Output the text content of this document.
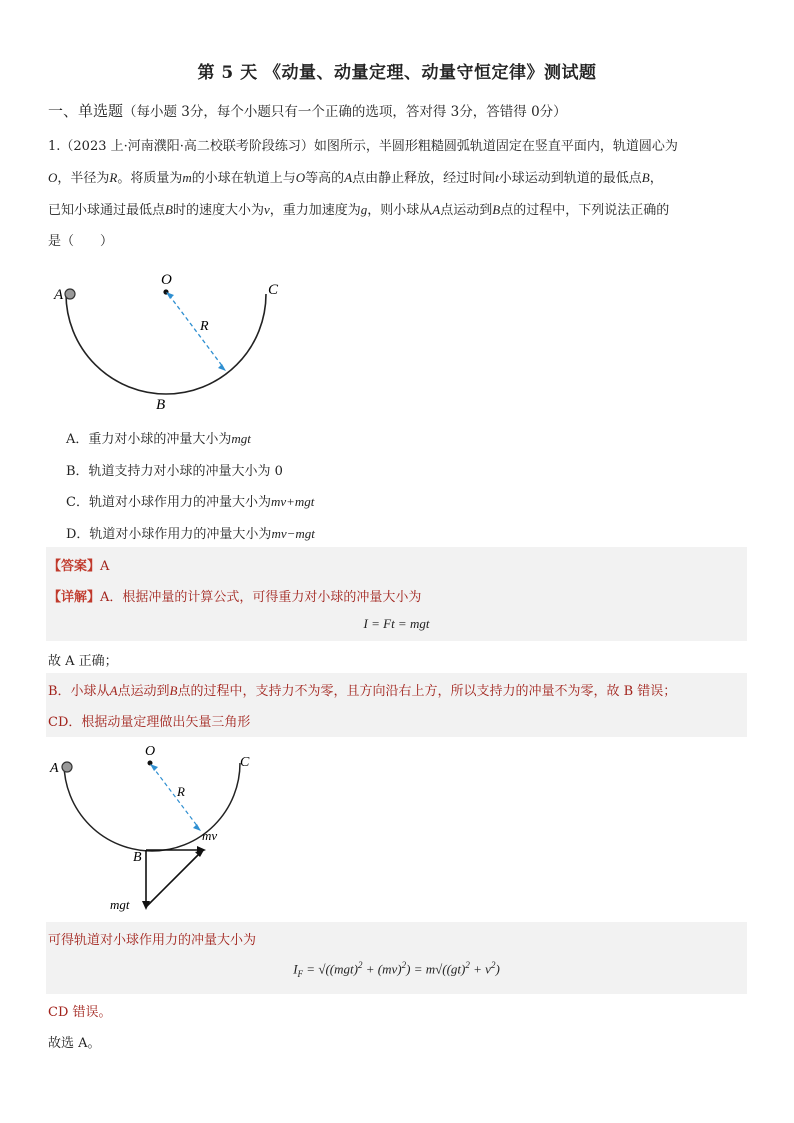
第 5 天 《动量、动量定理、动量守恒定律》测试题
一、单选题（每小题 3分，每个小题只有一个正确的选项，答对得 3分，答错得 0分）
1.（2023 上·河南濮阳·高二校联考阶段练习）如图所示，半圆形粗糙圆弧轨道固定在竖直平面内，轨道圆心为
O，半径为R。将质量为m的小球在轨道上与O等高的A点由静止释放，经过时间t小球运动到轨道的最低点B，
已知小球通过最低点B时的速度大小为v，重力加速度为g，则小球从A点运动到B点的过程中，下列说法正确的
是（　　）
A
O
C
R
B
A．重力对小球的冲量大小为mgt
B．轨道支持力对小球的冲量大小为 0
C．轨道对小球作用力的冲量大小为mv+mgt
D．轨道对小球作用力的冲量大小为mv−mgt
【答案】A
【详解】A．根据冲量的计算公式，可得重力对小球的冲量大小为
I = Ft = mgt
故 A 正确；
B．小球从A点运动到B点的过程中，支持力不为零，且方向沿右上方，所以支持力的冲量不为零，故 B 错误；
CD．根据动量定理做出矢量三角形
A
O
C
R
B
mv
mgt
可得轨道对小球作用力的冲量大小为
$I_F = √((mgt)^2 + (mv)^2) = m√((gt)^2 + v^2)$
CD 错误。
故选 A。
